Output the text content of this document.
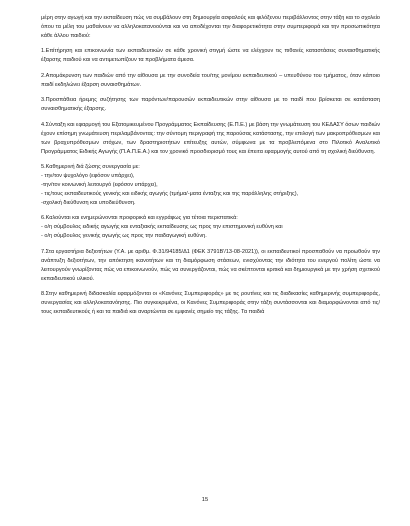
μέρη στην αγωγή και την εκπαίδευση πώς να συμβάλουν στη δημιουργία ασφαλούς και φιλόξενου περιβάλλοντος στην τάξη και το σχολείο όπου τα μέλη του μαθαίνουν να αλληλοκατανοούνται και να αποδέχονται την διαφορετικότητα στην συμπεριφορά και την προσωπικότητα κάθε άλλου παιδιού:

1.Επίτήρηση και επικοινωνία των εκπαιδευτικών σε κάθε χρονική στιγμή ώστε να ελέγχουν τις πιθανές καταστάσεις συναισθηματικής έξαρσης παιδιού και να αντιμετωπίζουν τα προβλήματα άμεσα.
2.Απομάκρυνση των παιδιών από την αίθουσα με την συνοδεία του/της μονίμου εκπαιδευτικού – υπευθύνου του τμήματος, όταν κάποιο παιδί εκδηλώνει έξαρση συναισθημάτων.
3.Προσπάθεια ήρεμης συζήτησης των παρόντων/παρουσών εκπαιδευτικών στην αίθουσα με το παιδί που βρίσκεται σε κατάσταση συναισθηματικής έξαρσης.
4.Σύνταξη και εφαρμογή του Εξατομικευμένου Προγράμματος Εκπαίδευσης (Ε.Π.Ε.) με βάση την γνωμάτευση του ΚΕΔΑΣΥ όσων παιδιών έχουν επίσημη γνωμάτευση περιλαμβάνοντας: την σύντομη περιγραφή της παρούσας κατάστασης, την επιλογή των μακροπρόθεσμων και των βραχυπρόθεσμων στόχων, των δραστηριοτήτων επίτευξης αυτών, σύμφωνα με τα προβλεπόμενα στο Πιλοτικό Αναλυτικό Προγράμματος Ειδικής Αγωγής (Π.Α.Π.Ε.Α.) και τον χρονικό προσδιορισμό τους και έπειτα εφαρμογής αυτού από τη σχολική διεύθυνση.
5.Καθημερινή διά ζώσης συνεργασία με:
- την/τον ψυχολόγο (εφόσον υπάρχει),
-την/τον κοινωνική λειτουργό (εφόσον υπάρχει),
- τις/τους εκπαιδευτικούς γενικής και ειδικής αγωγής (τμήμα/-ματα ένταξης και της παράλληλης στήριξης),
-σχολική διεύθυνση και υποδιεύθυνση.
6.Καλούνται και ενημερώνονται προφορικά και εγγράφως για τέτοια περιστατικά:
- ο/η σύμβουλος ειδικής αγωγής και ενταξιακής εκπαίδευσης ως προς την επιστημονική ευθύνη και
- ο/η σύμβουλος γενικής αγωγής ως προς την παιδαγωγική ευθύνη.
7.Στα εργαστήρια δεξιοτήτων (Υ.Α. με αριθμ. Φ.31/94185/Δ1 (ΦΕΚ 3791Β'/13-08-2021)), οι εκπαιδευτικοί προσπαθούν να προωθούν την ανάπτυξη δεξιοτήτων, την απόκτηση ικανοτήτων και τη διαμόρφωση στάσεων, ενισχύοντας την ιδιότητα του ενεργού πολίτη ώστε να λειτουργούν γνωρίζοντας πώς να επικοινωνούν, πώς να συνεργάζονται, πώς να σκέπτονται κριτικά και δημιουργικά με την χρήση σχετικού εκπαιδευτικού υλικού.
8.Στην καθημερινή διδασκαλία εφαρμόζονται οι «Κανόνες Συμπεριφοράς» με τις ρουτίνες και τις διαδικασίες καθημερινής συμπεριφοράς, συνεργασίας και αλληλοκατανόησης. Πιο συγκεκριμένα, οι Κανόνες Συμπεριφοράς στην τάξη συντάσσονται και διαμορφώνονται από τις/τους εκπαιδευτικούς ή και τα παιδιά και αναρτώνται σε εμφανές σημείο της τάξης. Τα παιδιά
15
